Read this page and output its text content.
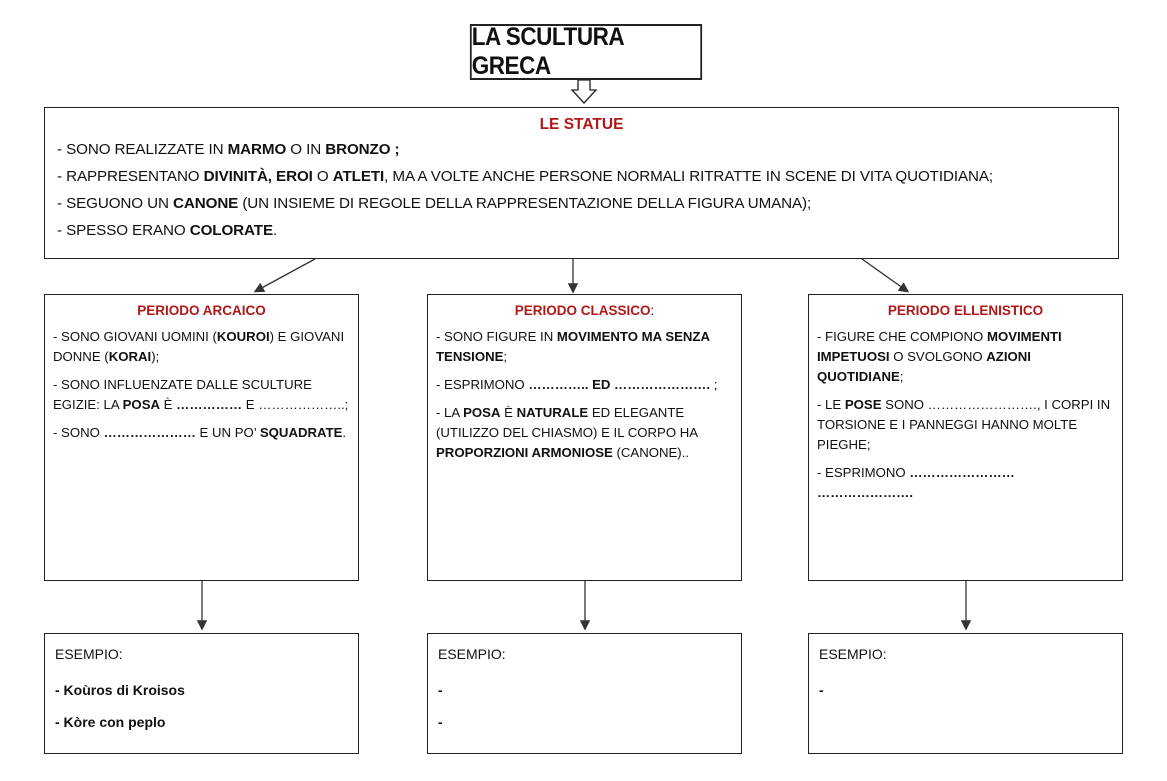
LA SCULTURA GRECA
LE STATUE
- SONO REALIZZATE IN MARMO O IN BRONZO ;
- RAPPRESENTANO DIVINITÀ, EROI O ATLETI, MA A VOLTE ANCHE PERSONE NORMALI RITRATTE IN SCENE DI VITA QUOTIDIANA;
- SEGUONO UN CANONE (UN INSIEME DI REGOLE DELLA RAPPRESENTAZIONE DELLA FIGURA UMANA);
- SPESSO ERANO COLORATE.
PERIODO ARCAICO

- SONO GIOVANI UOMINI (KOUROI) E GIOVANI DONNE (KORAI);

- SONO INFLUENZATE DALLE SCULTURE EGIZIE: LA POSA È …………… E ………………..;

- SONO ………………… E UN PO’ SQUADRATE.

PERIODO CLASSICO:

- SONO FIGURE IN MOVIMENTO MA SENZA TENSIONE;

- ESPRIMONO ………….. ED …………………. ;

- LA POSA È NATURALE ED ELEGANTE (UTILIZZO DEL CHIASMO) E IL CORPO HA PROPORZIONI ARMONIOSE (CANONE)..

PERIODO ELLENISTICO

- FIGURE CHE COMPIONO MOVIMENTI IMPETUOSI O SVOLGONO AZIONI QUOTIDIANE;

- LE POSE SONO ……………………., I CORPI IN TORSIONE E I PANNEGGI HANNO MOLTE PIEGHE;

- ESPRIMONO …………………… ………………….

ESEMPIO:
- Koùros di Kroisos
- Kòre con peplo
ESEMPIO:
-
-
ESEMPIO:
-
